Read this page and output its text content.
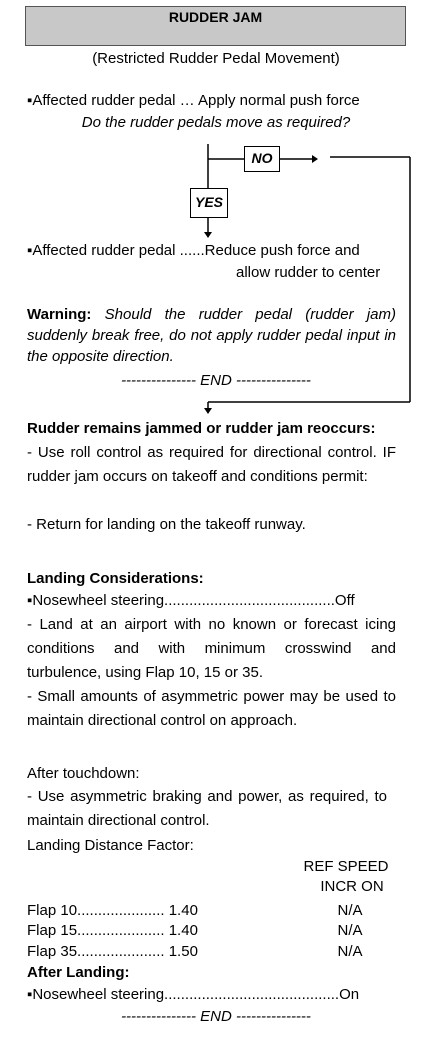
RUDDER JAM
(Restricted Rudder Pedal Movement)
▪Affected rudder pedal … Apply normal push force
Do the rudder pedals move as required?
NO
YES
▪Affected rudder pedal ......Reduce push force and
allow rudder to center
Warning: Should the rudder pedal (rudder jam) suddenly break free, do not apply rudder pedal input in the opposite direction.
--------------- END ---------------
Rudder remains jammed or rudder jam reoccurs:
- Use roll control as required for directional control. IF rudder jam occurs on takeoff and conditions permit:
- Return for landing on the takeoff runway.
Landing Considerations:
▪Nosewheel steering.........................................Off
- Land at an airport with no known or forecast icing conditions and with minimum crosswind and turbulence, using Flap 10, 15 or 35.
- Small amounts of asymmetric power may be used to maintain directional control on approach.
After touchdown:
- Use asymmetric braking and power, as required, to maintain directional control.
Landing Distance Factor:
REF SPEED
INCR ON
Flap 10..................... 1.40	N/A
Flap 15..................... 1.40	N/A
Flap 35..................... 1.50	N/A
After Landing:
▪Nosewheel steering..........................................On
--------------- END ---------------
